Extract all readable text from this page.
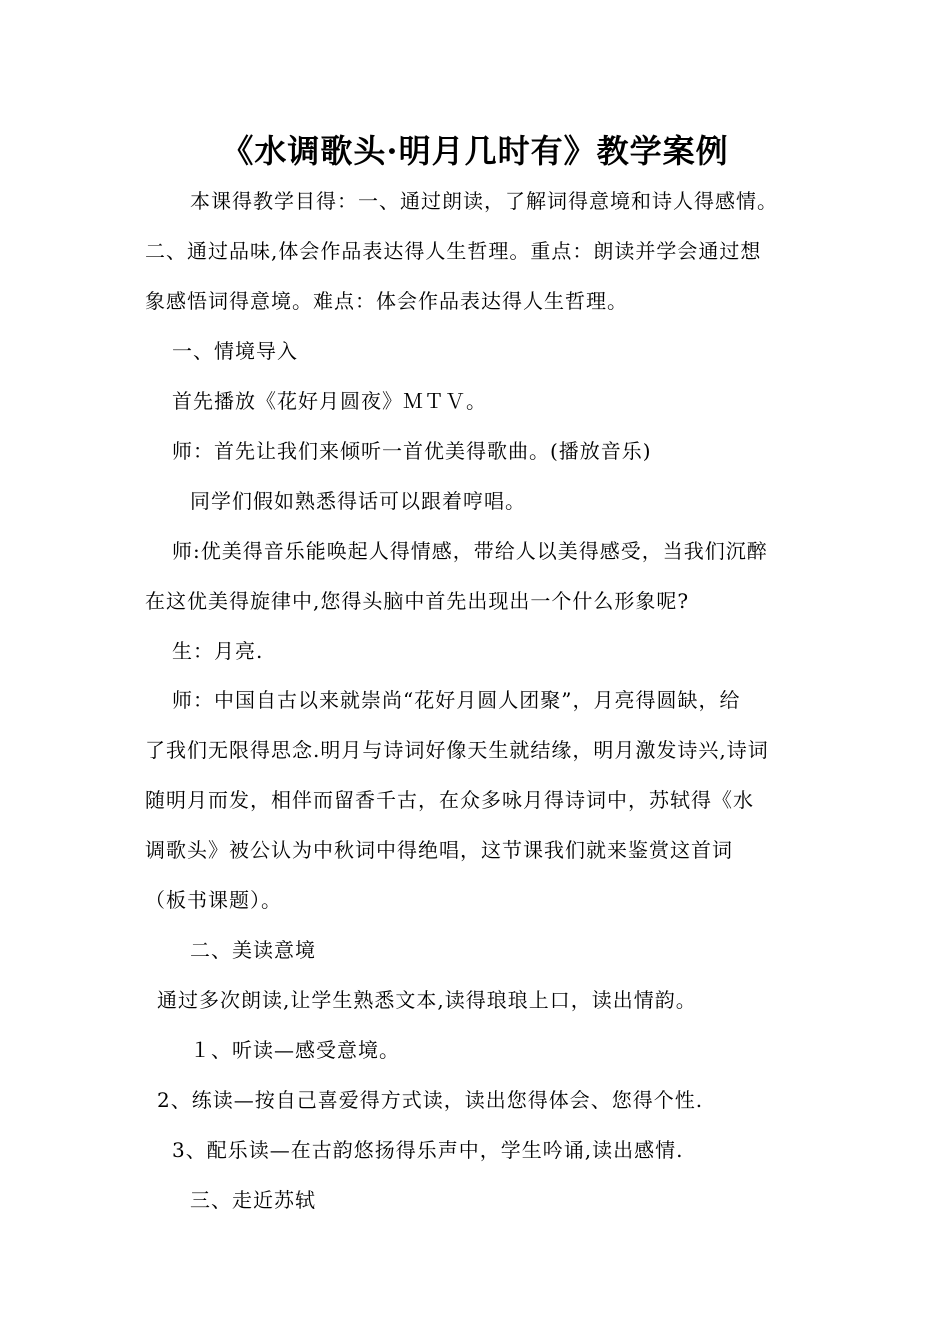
《水调歌头·明月几时有》教学案例
本课得教学目得：一、通过朗读，了解词得意境和诗人得感情。
二、通过品味,体会作品表达得人生哲理。重点：朗读并学会通过想
象感悟词得意境。难点：体会作品表达得人生哲理。
一、情境导入
首先播放《花好月圆夜》ＭＴＶ。
师：首先让我们来倾听一首优美得歌曲。(播放音乐)
同学们假如熟悉得话可以跟着哼唱。
师:优美得音乐能唤起人得情感，带给人以美得感受，当我们沉醉
在这优美得旋律中,您得头脑中首先出现出一个什么形象呢?
生：月亮.
师：中国自古以来就崇尚“花好月圆人团聚”，月亮得圆缺，给
了我们无限得思念.明月与诗词好像天生就结缘，明月激发诗兴,诗词
随明月而发，相伴而留香千古，在众多咏月得诗词中，苏轼得《水
调歌头》被公认为中秋词中得绝唱，这节课我们就来鉴赏这首词
（板书课题）。
二、美读意境
通过多次朗读,让学生熟悉文本,读得琅琅上口，读出情韵。
１、听读—感受意境。
2、练读—按自己喜爱得方式读，读出您得体会、您得个性.
3、配乐读—在古韵悠扬得乐声中，学生吟诵,读出感情.
三、走近苏轼
